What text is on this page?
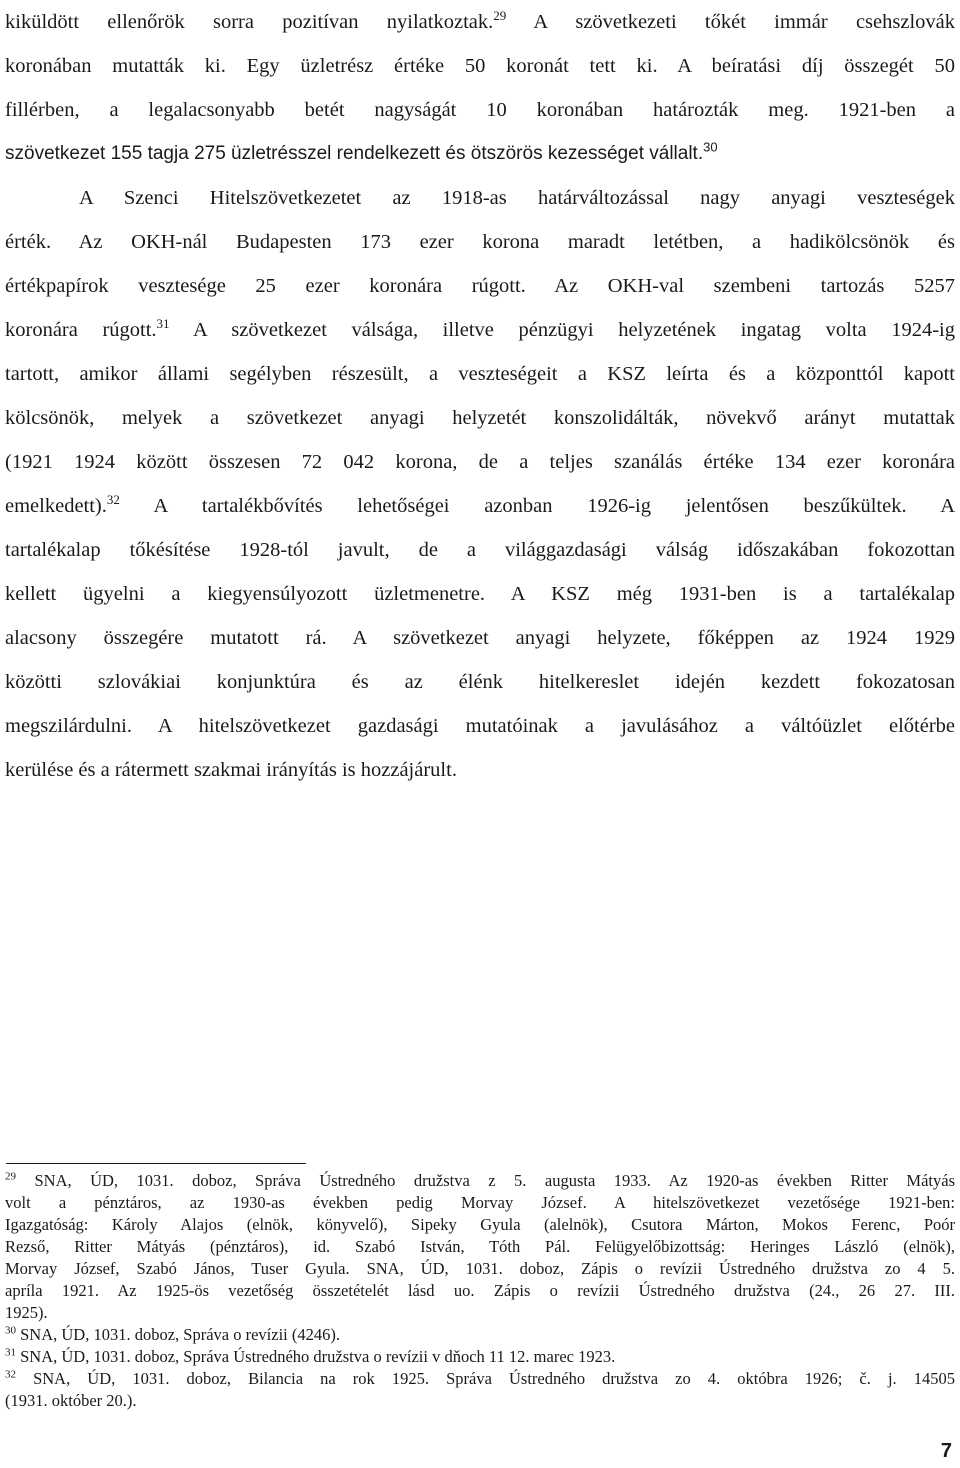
kiküldött ellenőrök sorra pozitívan nyilatkoztak.$^{29}$ A szövetkezeti tőkét immár csehszlovák
koronában mutatták ki. Egy üzletrész értéke 50 koronát tett ki. A beíratási díj összegét 50
fillérben, a legalacsonyabb betét nagyságát 10 koronában határozták meg. 1921-ben a
szövetkezet 155 tagja 275 üzletrésszel rendelkezett és ötszörös kezességet vállalt.$^{30}$
A Szenci Hitelszövetkezetet az 1918-as határváltozással nagy anyagi veszteségek
érték. Az OKH-nál Budapesten 173 ezer korona maradt letétben, a hadikölcsönök és
értékpapírok vesztesége 25 ezer koronára rúgott. Az OKH-val szembeni tartozás 5257
koronára rúgott.$^{31}$ A szövetkezet válsága, illetve pénzügyi helyzetének ingatag volta 1924-ig
tartott, amikor állami segélyben részesült, a veszteségeit a KSZ leírta és a központtól kapott
kölcsönök, melyek a szövetkezet anyagi helyzetét konszolidálták, növekvő arányt mutattak
(1921 1924 között összesen 72 042 korona, de a teljes szanálás értéke 134 ezer koronára
emelkedett).$^{32}$ A tartalékbővítés lehetőségei azonban 1926-ig jelentősen beszűkültek. A
tartalékalap tőkésítése 1928-tól javult, de a világgazdasági válság időszakában fokozottan
kellett ügyelni a kiegyensúlyozott üzletmenetre. A KSZ még 1931-ben is a tartalékalap
alacsony összegére mutatott rá. A szövetkezet anyagi helyzete, főképpen az 1924 1929
közötti szlovákiai konjunktúra és az élénk hitelkereslet idején kezdett fokozatosan
megszilárdulni. A hitelszövetkezet gazdasági mutatóinak a javulásához a váltóüzlet előtérbe
kerülése és a rátermett szakmai irányítás is hozzájárult.
$^{29}$ SNA, ÚD, 1031. doboz, Správa Ústredného družstva z 5. augusta 1933. Az 1920-as években Ritter Mátyás
volt a pénztáros, az 1930-as években pedig Morvay József. A hitelszövetkezet vezetősége 1921-ben:
Igazgatóság: Károly Alajos (elnök, könyvelő), Sipeky Gyula (alelnök), Csutora Márton, Mokos Ferenc, Poór
Rezső, Ritter Mátyás (pénztáros), id. Szabó István, Tóth Pál. Felügyelőbizottság: Heringes László (elnök),
Morvay József, Szabó János, Tuser Gyula. SNA, ÚD, 1031. doboz, Zápis o revízii Ústredného družstva zo 4 5.
apríla 1921. Az 1925-ös vezetőség összetételét lásd uo. Zápis o revízii Ústredného družstva (24., 26 27. III.
1925).
$^{30}$ SNA, ÚD, 1031. doboz, Správa o revízii (4246).
$^{31}$ SNA, ÚD, 1031. doboz, Správa Ústredného družstva o revízii v dňoch 11 12. marec 1923.
$^{32}$ SNA, ÚD, 1031. doboz, Bilancia na rok 1925. Správa Ústredného družstva zo 4. októbra 1926; č. j. 14505
(1931. október 20.).
7
